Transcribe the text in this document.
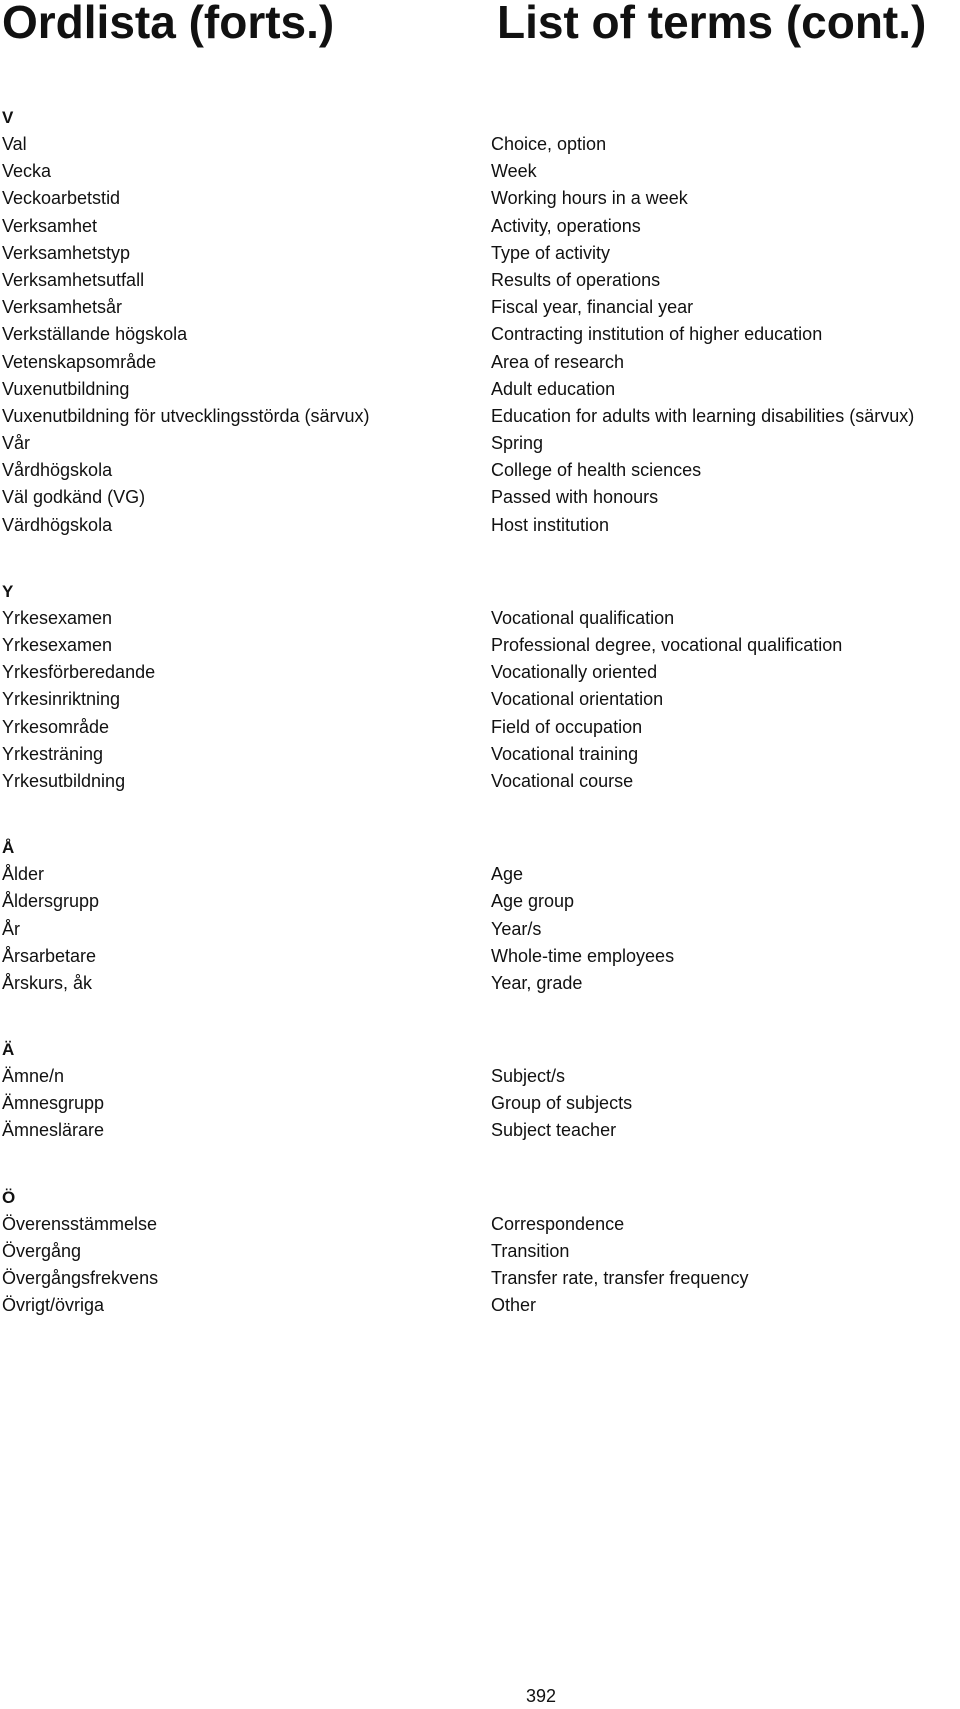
Ordlista (forts.)	List of terms (cont.)
V
Val	Choice, option
Vecka	Week
Veckoarbetstid	Working hours in a week
Verksamhet	Activity, operations
Verksamhetstyp	Type of activity
Verksamhetsutfall	Results of operations
Verksamhetsår	Fiscal year, financial year
Verkställande högskola	Contracting institution of higher education
Vetenskapsområde	Area of research
Vuxenutbildning	Adult education
Vuxenutbildning för utvecklingsstörda (särvux)	Education for adults with learning disabilities (särvux)
Vår	Spring
Vårdhögskola	College of health sciences
Väl godkänd (VG)	Passed with honours
Värdhögskola	Host institution
Y
Yrkesexamen	Vocational qualification
Yrkesexamen	Professional degree, vocational qualification
Yrkesförberedande	Vocationally oriented
Yrkesinriktning	Vocational orientation
Yrkesområde	Field of occupation
Yrkesträning	Vocational training
Yrkesutbildning	Vocational course
Å
Ålder	Age
Åldersgrupp	Age group
År	Year/s
Årsarbetare	Whole-time employees
Årskurs, åk	Year, grade
Ä
Ämne/n	Subject/s
Ämnesgrupp	Group of subjects
Ämneslärare	Subject teacher
Ö
Överensstämmelse	Correspondence
Övergång	Transition
Övergångsfrekvens	Transfer rate, transfer frequency
Övrigt/övriga	Other
392
